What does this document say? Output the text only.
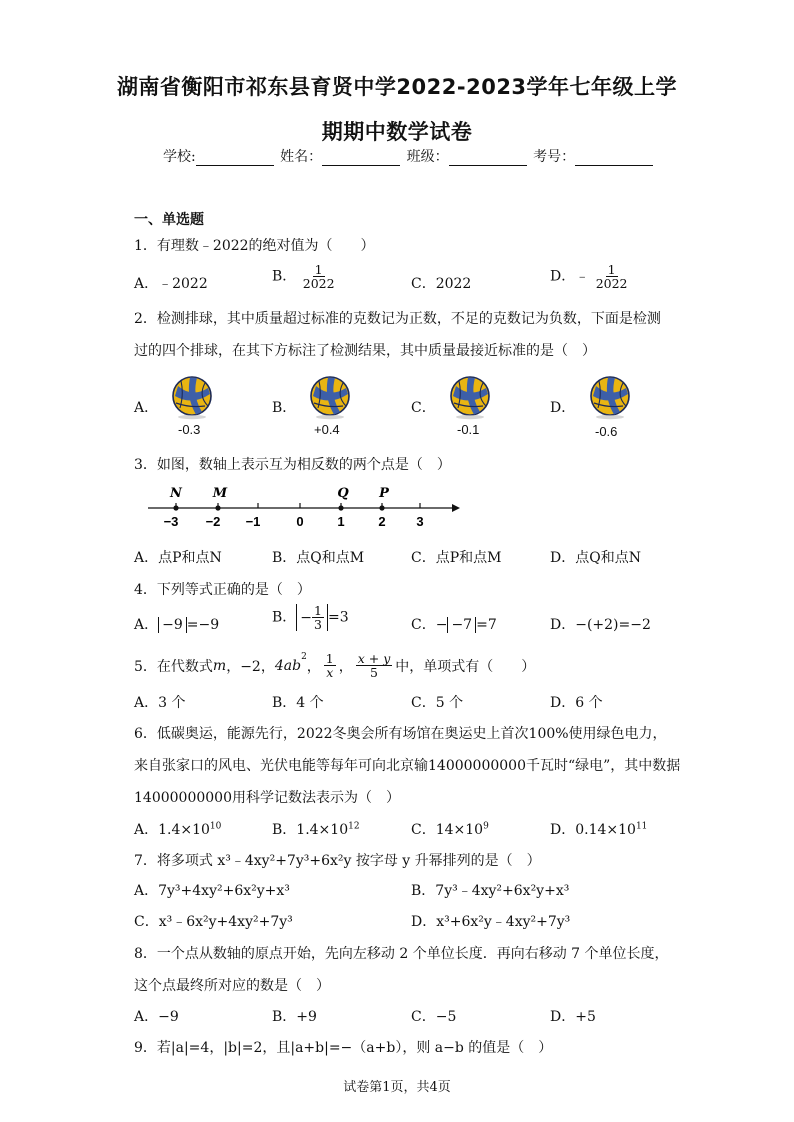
湖南省衡阳市祁东县育贤中学2022-2023学年七年级上学
期期中数学试卷
学校:	姓名：	班级：	考号：
一、单选题
1．有理数﹣2022的绝对值为（　　）
A．﹣2022	B． $\frac{1}{2022}$	C．2022	D．﹣ $\frac{1}{2022}$
2．检测排球，其中质量超过标准的克数记为正数，不足的克数记为负数，下面是检测
过的四个排球，在其下方标注了检测结果，其中质量最接近标准的是（　）
A．
-0.3
B．
+0.4
C．
-0.1
D．
-0.6
3．如图，数轴上表示互为相反数的两个点是（　）
N M	Q P
−3 −2 −1	0	1	2 3
A．点P和点N	B．点Q和点M	C．点P和点M	D．点Q和点N
4．下列等式正确的是（　）
A． −9 =−9	B． − $\frac{1}{3} =3$	C．− −7 =7	D．−(+2)=−2
5．在代数式 m ，−2， 4ab
$^2$
， $\frac{1}{x}$ ， $\frac{x + y}{5}$ 中，单项式有（　　）
A．3 个	B．4 个	C．5 个	D．6 个
6．低碳奥运，能源先行，2022冬奥会所有场馆在奥运史上首次100%使用绿色电力，
来自张家口的风电、光伏电能等每年可向北京输14000000000千瓦时“绿电”，其中数据
14000000000用科学记数法表示为（　）
A．$1.4\times 10^{10}$	B．$1.4\times 10^{12}$	C．$14\times 10^9$	D．$0.14\times 10^{11}$
7．将多项式 x³﹣4xy²+7y³+6x²y 按字母 y 升幂排列的是（　）
A．7y³+4xy²+6x²y+x³	B．7y³﹣4xy²+6x²y+x³
C．x³﹣6x²y+4xy²+7y³	D．x³+6x²y﹣4xy²+7y³
8．一个点从数轴的原点开始，先向左移动 2 个单位长度．再向右移动 7 个单位长度，
这个点最终所对应的数是（　）
A．−9	B．+9	C．−5	D．+5
9．若|a|=4，|b|=2，且|a+b|=−（a+b），则 a−b 的值是（　）
试卷第1页，共4页
